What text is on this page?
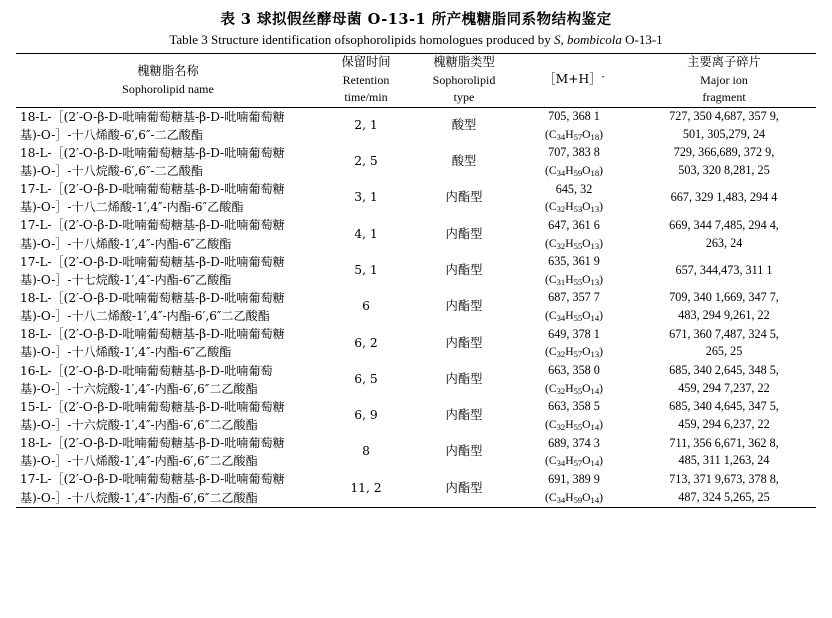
表 3 球拟假丝酵母菌 O-13-1 所产槐糖脂同系物结构鉴定
Table 3 Structure identification ofsophorolipids homologues produced by S, bombicola O-13-1

槐糖脂名称
Sophorolipid name	保留时间
Retention
time/min	槐糖脂类型
Sophorolipid
type	［M+H］-	主要离子碎片
Major ion
fragment

18-L-［(2′-O-β-D-吡喃葡萄糖基-β-D-吡喃葡萄糖
基)-O-］-十八烯酸-6′,6″-二乙酸酯	2, 1	酸型	705, 368 1
$(C_{34}H_{57}O_{18})$	727, 350 4,687, 357 9,
501, 305,279, 24

18-L-［(2′-O-β-D-吡喃葡萄糖基-β-D-吡喃葡萄糖
基)-O-］-十八烷酸-6′,6″-二乙酸酯	2, 5	酸型	707, 383 8
$(C_{34}H_{59}O_{18})$	729, 366,689, 372 9,
503, 320 8,281, 25

17-L-［(2′-O-β-D-吡喃葡萄糖基-β-D-吡喃葡萄糖
基)-O-］-十八二烯酸-1′,4″-内酯-6″乙酸酯	3, 1	内酯型	645, 32
$(C_{32}H_{53}O_{13})$	667, 329 1,483, 294 4

17-L-［(2′-O-β-D-吡喃葡萄糖基-β-D-吡喃葡萄糖
基)-O-］-十八烯酸-1′,4″-内酯-6″乙酸酯	4, 1	内酯型	647, 361 6
$(C_{32}H_{55}O_{13})$	669, 344 7,485, 294 4,
263, 24

17-L-［(2′-O-β-D-吡喃葡萄糖基-β-D-吡喃葡萄糖
基)-O-］-十七烷酸-1′,4″-内酯-6″乙酸酯	5, 1	内酯型	635, 361 9
$(C_{31}H_{55}O_{13})$	657, 344,473, 311 1

18-L-［(2′-O-β-D-吡喃葡萄糖基-β-D-吡喃葡萄糖
基)-O-］-十八二烯酸-1′,4″-内酯-6′,6″二乙酸酯	6	内酯型	687, 357 7
$(C_{34}H_{55}O_{14})$	709, 340 1,669, 347 7,
483, 294 9,261, 22

18-L-［(2′-O-β-D-吡喃葡萄糖基-β-D-吡喃葡萄糖
基)-O-］-十八烯酸-1′,4″-内酯-6″乙酸酯	6, 2	内酯型	649, 378 1
$(C_{32}H_{57}O_{13})$	671, 360 7,487, 324 5,
265, 25

16-L-［(2′-O-β-D-吡喃葡萄糖基-β-D-吡喃葡萄
基)-O-］-十六烷酸-1′,4″-内酯-6′,6″二乙酸酯	6, 5	内酯型	663, 358 0
$(C_{32}H_{55}O_{14})$	685, 340 2,645, 348 5,
459, 294 7,237, 22

15-L-［(2′-O-β-D-吡喃葡萄糖基-β-D-吡喃葡萄糖
基)-O-］-十六烷酸-1′,4″-内酯-6′,6″二乙酸酯	6, 9	内酯型	663, 358 5
$(C_{32}H_{55}O_{14})$	685, 340 4,645, 347 5,
459, 294 6,237, 22

18-L-［(2′-O-β-D-吡喃葡萄糖基-β-D-吡喃葡萄糖
基)-O-］-十八烯酸-1′,4″-内酯-6′,6″二乙酸酯	8	内酯型	689, 374 3
$(C_{34}H_{57}O_{14})$	711, 356 6,671, 362 8,
485, 311 1,263, 24

17-L-［(2′-O-β-D-吡喃葡萄糖基-β-D-吡喃葡萄糖
基)-O-］-十八烷酸-1′,4″-内酯-6′,6″二乙酸酯	11, 2	内酯型	691, 389 9
$(C_{34}H_{59}O_{14})$	713, 371 9,673, 378 8,
487, 324 5,265, 25
